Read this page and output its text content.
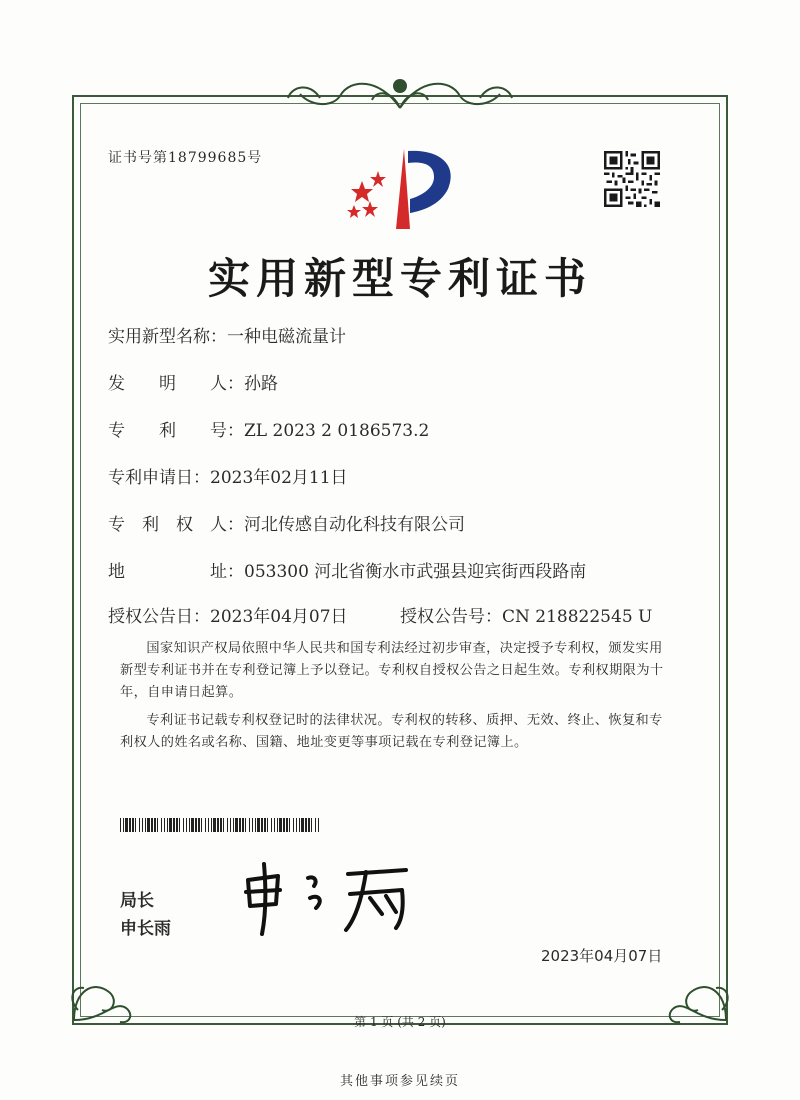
证书号第18799685号
实用新型专利证书
实用新型名称：一种电磁流量计
发　　明　　人：孙路
专　　利　　号：ZL 2023 2 0186573.2
专利申请日：2023年02月11日
专　利　权　人：河北传感自动化科技有限公司
地　　　　　址：053300 河北省衡水市武强县迎宾街西段路南
授权公告日：2023年04月07日	授权公告号：CN 218822545 U
国家知识产权局依照中华人民共和国专利法经过初步审查，决定授予专利权，颁发实用新型专利证书并在专利登记簿上予以登记。专利权自授权公告之日起生效。专利权期限为十年，自申请日起算。
专利证书记载专利权登记时的法律状况。专利权的转移、质押、无效、终止、恢复和专利权人的姓名或名称、国籍、地址变更等事项记载在专利登记簿上。
局长
申长雨
2023年04月07日
第 1 页 (共 2 页)
其他事项参见续页
